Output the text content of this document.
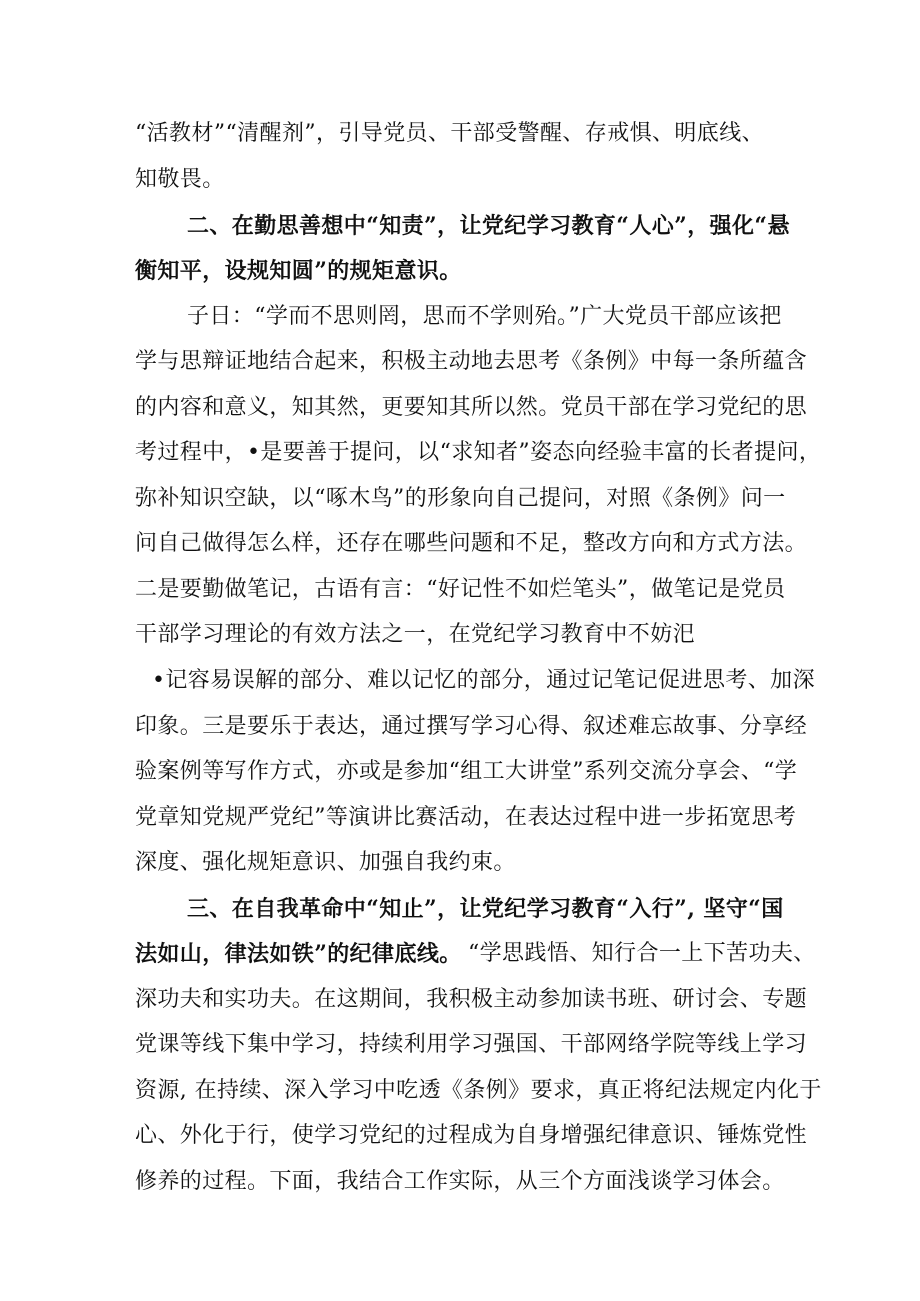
“活教材”“清醒剂”，引导党员、干部受警醒、存戒惧、明底线、
知敬畏。
二、在勤思善想中“知责”，让党纪学习教育“人心”，强化“悬
衡知平，设规知圆”的规矩意识。
子日：“学而不思则罔，思而不学则殆。”广大党员干部应该把
学与思辩证地结合起来，积极主动地去思考《条例》中每一条所蕴含
的内容和意义，知其然，更要知其所以然。党员干部在学习党纪的思
考过程中，•是要善于提问，以“求知者”姿态向经验丰富的长者提问，
弥补知识空缺，以“啄木鸟”的形象向自己提问，对照《条例》问一
问自己做得怎么样，还存在哪些问题和不足，整改方向和方式方法。
二是要勤做笔记，古语有言：“好记性不如烂笔头”，做笔记是党员
干部学习理论的有效方法之一，在党纪学习教育中不妨汜
•记容易误解的部分、难以记忆的部分，通过记笔记促进思考、加深
印象。三是要乐于表达，通过撰写学习心得、叙述难忘故事、分享经
验案例等写作方式，亦或是参加“组工大讲堂”系列交流分享会、“学
党章知党规严党纪”等演讲比赛活动，在表达过程中进一步拓宽思考
深度、强化规矩意识、加强自我约束。
三、在自我革命中“知止”，让党纪学习教育“入行”, 坚守“国
法如山，律法如铁”的纪律底线。 “学思践悟、知行合一上下苦功夫、
深功夫和实功夫。在这期间，我积极主动参加读书班、研讨会、专题
党课等线下集中学习，持续利用学习强国、干部网络学院等线上学习
资源, 在持续、深入学习中吃透《条例》要求，真正将纪法规定内化于
心、外化于行，使学习党纪的过程成为自身增强纪律意识、锤炼党性
修养的过程。下面，我结合工作实际，从三个方面浅谈学习体会。
